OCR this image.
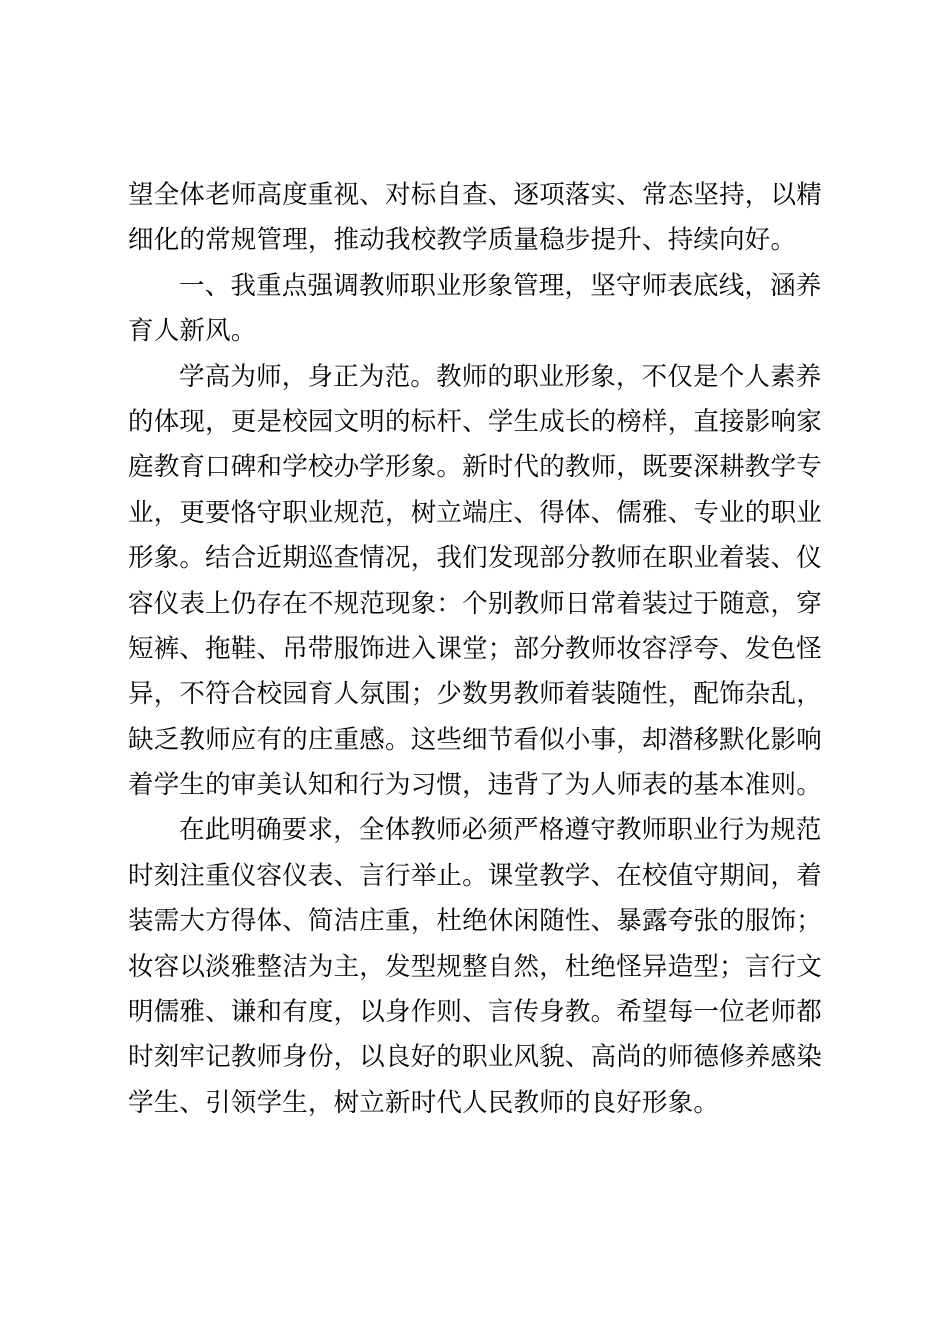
望全体老师高度重视、对标自查、逐项落实、常态坚持，以精
细化的常规管理，推动我校教学质量稳步提升、持续向好。
一、我重点强调教师职业形象管理，坚守师表底线，涵养
育人新风。
学高为师，身正为范。教师的职业形象，不仅是个人素养
的体现，更是校园文明的标杆、学生成长的榜样，直接影响家
庭教育口碑和学校办学形象。新时代的教师，既要深耕教学专
业，更要恪守职业规范，树立端庄、得体、儒雅、专业的职业
形象。结合近期巡查情况，我们发现部分教师在职业着装、仪
容仪表上仍存在不规范现象：个别教师日常着装过于随意，穿
短裤、拖鞋、吊带服饰进入课堂；部分教师妆容浮夸、发色怪
异，不符合校园育人氛围；少数男教师着装随性，配饰杂乱，
缺乏教师应有的庄重感。这些细节看似小事，却潜移默化影响
着学生的审美认知和行为习惯，违背了为人师表的基本准则。
在此明确要求，全体教师必须严格遵守教师职业行为规范
时刻注重仪容仪表、言行举止。课堂教学、在校值守期间，着
装需大方得体、简洁庄重，杜绝休闲随性、暴露夸张的服饰；
妆容以淡雅整洁为主，发型规整自然，杜绝怪异造型；言行文
明儒雅、谦和有度，以身作则、言传身教。希望每一位老师都
时刻牢记教师身份，以良好的职业风貌、高尚的师德修养感染
学生、引领学生，树立新时代人民教师的良好形象。
